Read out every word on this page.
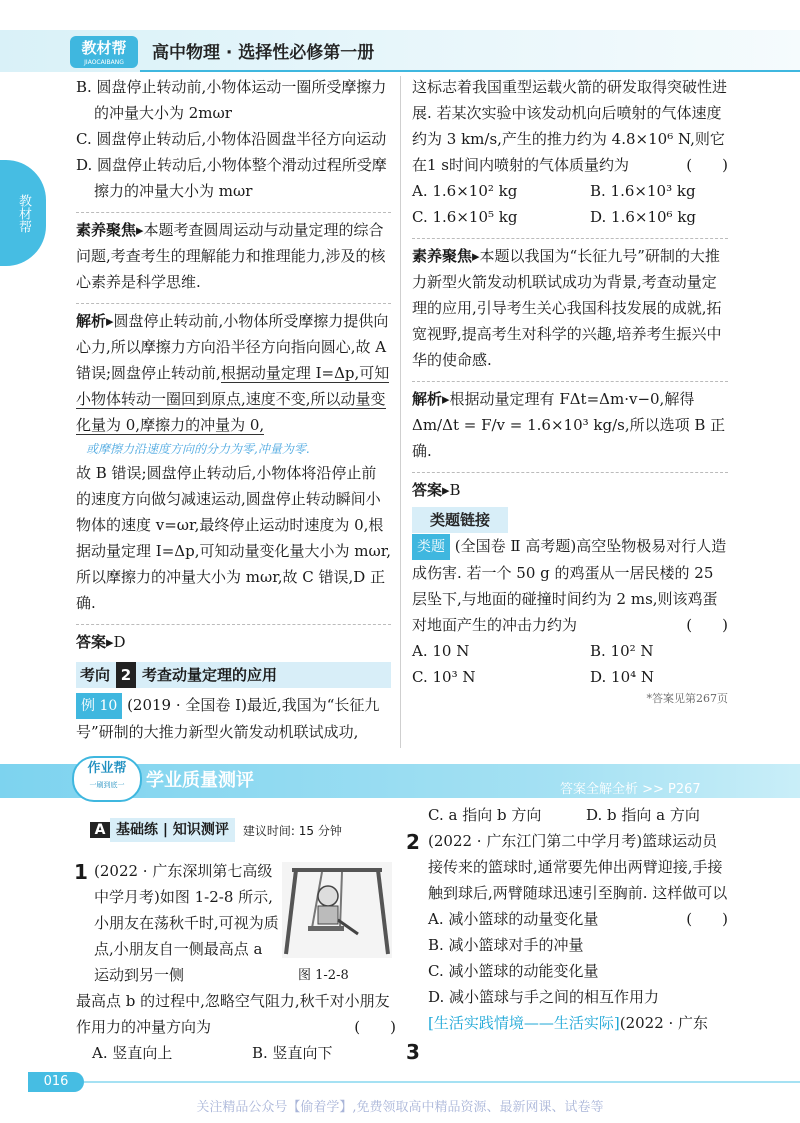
教材帮
JIAOCAIBANG	高中物理 · 选择性必修第一册
教材帮

B. 圆盘停止转动前,小物体运动一圈所受摩擦力的冲量大小为 2mωr

C. 圆盘停止转动后,小物体沿圆盘半径方向运动

D. 圆盘停止转动后,小物体整个滑动过程所受摩擦力的冲量大小为 mωr

素养聚焦▸本题考查圆周运动与动量定理的综合问题,考查考生的理解能力和推理能力,涉及的核心素养是科学思维.

解析▸圆盘停止转动前,小物体所受摩擦力提供向心力,所以摩擦力方向沿半径方向指向圆心,故 A 错误;圆盘停止转动前,根据动量定理 I=Δp,可知小物体转动一圈回到原点,速度不变,所以动量变化量为 0,摩擦力的冲量为 0,

或摩擦力沿速度方向的分力为零,冲量为零.

故 B 错误;圆盘停止转动后,小物体将沿停止前的速度方向做匀减速运动,圆盘停止转动瞬间小物体的速度 v=ωr,最终停止运动时速度为 0,根据动量定理 I=Δp,可知动量变化量大小为 mωr,所以摩擦力的冲量大小为 mωr,故 C 错误,D 正确.

答案▸D

考向 2 考查动量定理的应用

例 10 (2019 · 全国卷 Ⅰ)最近,我国为“长征九号”研制的大推力新型火箭发动机联试成功,

这标志着我国重型运载火箭的研发取得突破性进展. 若某次实验中该发动机向后喷射的气体速度约为 3 km/s,产生的推力约为 4.8×10⁶ N,则它在1 s时间内喷射的气体质量约为	(　　)

A. 1.6×10² kg	B. 1.6×10³ kg
C. 1.6×10⁵ kg	D. 1.6×10⁶ kg

素养聚焦▸本题以我国为“长征九号”研制的大推力新型火箭发动机联试成功为背景,考查动量定理的应用,引导考生关心我国科技发展的成就,拓宽视野,提高考生对科学的兴趣,培养考生振兴中华的使命感.

解析▸根据动量定理有 FΔt=Δm·v−0,解得

Δm/Δt = F/v = 1.6×10³ kg/s,所以选项 B 正确.

答案▸B

类题链接

类题 (全国卷 Ⅱ 高考题)高空坠物极易对行人造成伤害. 若一个 50 g 的鸡蛋从一居民楼的 25 层坠下,与地面的碰撞时间约为 2 ms,则该鸡蛋对地面产生的冲击力约为	(　　)

A. 10 N	B. 10² N
C. 10³ N	D. 10⁴ N

*答案见第267页

作业帮
一刷到底一	学业质量测评	答案全解全析 >> P267
A 基础练 | 知识测评	建议时间: 15 分钟
1 (2022 · 广东深圳第七高级中学月考)如图 1-2-8 所示,小朋友在荡秋千时,可视为质点,小朋友自一侧最高点 a 运动到另一侧

最高点 b 的过程中,忽略空气阻力,秋千对小朋友作用力的冲量方向为	(　　)

A. 竖直向上	B. 竖直向下
图 1-2-8
C. a 指向 b 方向	D. b 指向 a 方向

(2022 · 广东江门第二中学月考)篮球运动员接传来的篮球时,通常要先伸出两臂迎接,手接触到球后,两臂随球迅速引至胸前. 这样做可以
(　　)

A. 减小篮球的动量变化量

B. 减小篮球对手的冲量

C. 减小篮球的动能变化量

D. 减小篮球与手之间的相互作用力

[生活实践情境——生活实际](2022 · 广东

2
3
016
关注精品公众号【偷着学】,免费领取高中精品资源、最新网课、试卷等
